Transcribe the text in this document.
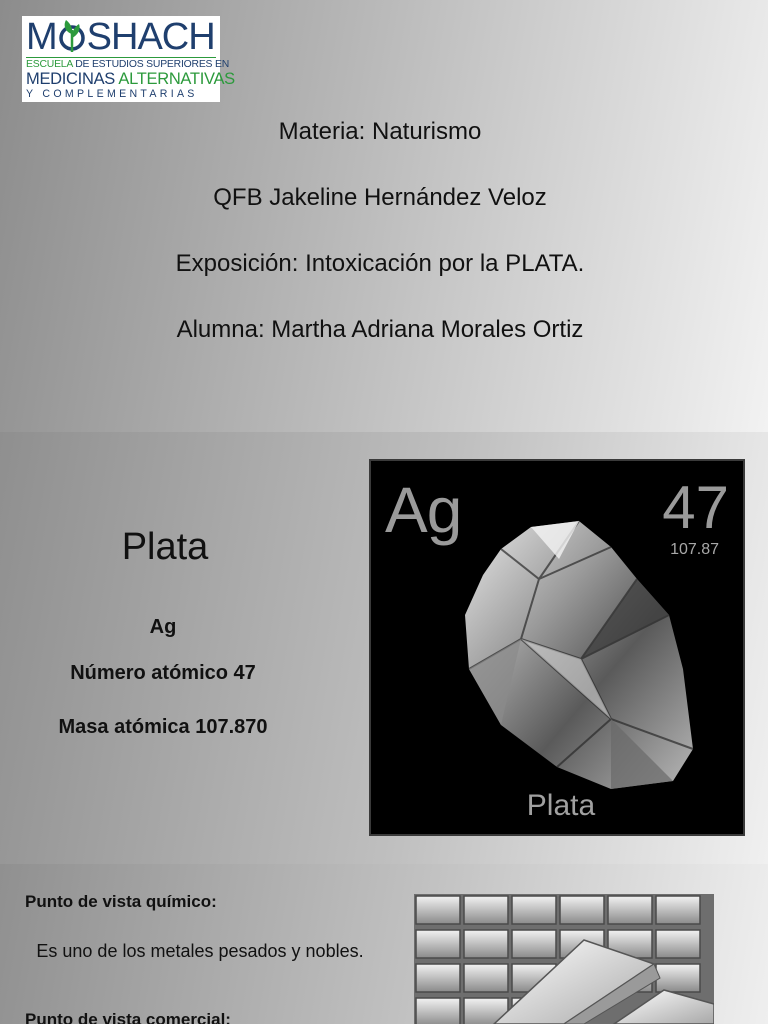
M SHACH
ESCUELA DE ESTUDIOS SUPERIORES EN
MEDICINAS ALTERNATIVAS
Y COMPLEMENTARIAS
Materia: Naturismo
QFB Jakeline Hernández Veloz
Exposición: Intoxicación por la PLATA.
Alumna: Martha Adriana Morales Ortiz
Plata
Ag
Número atómico 47
Masa atómica 107.870
Ag	47
107.87
Plata
Punto de vista químico:
Es uno de los metales pesados y nobles.
Punto de vista comercial:
